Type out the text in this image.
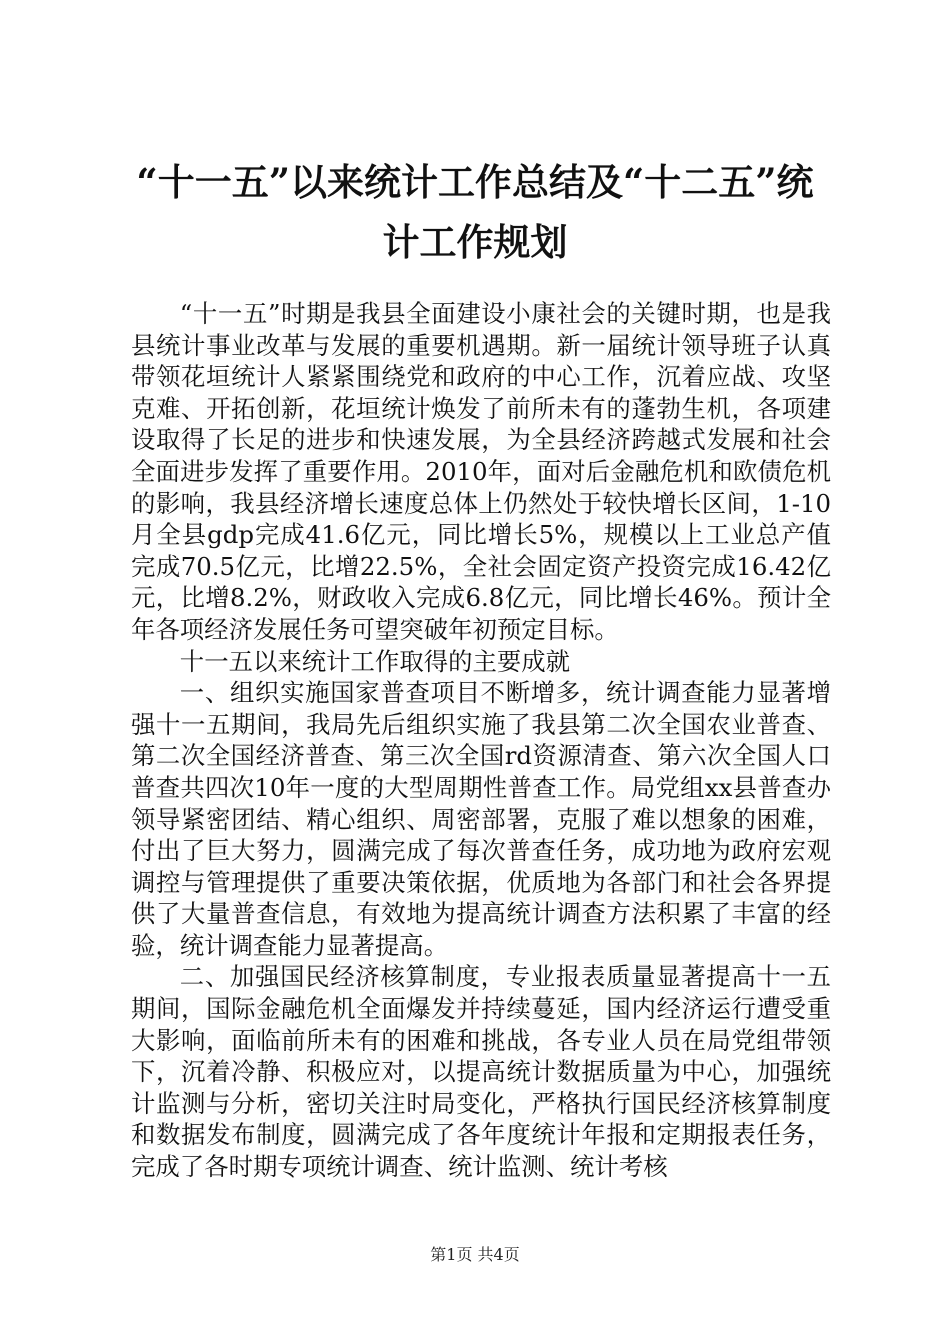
“十一五”以来统计工作总结及“十二五”统
计工作规划

“十一五”时期是我县全面建设小康社会的关键时期，也是我县统计事业改革与发展的重要机遇期。新一届统计领导班子认真带领花垣统计人紧紧围绕党和政府的中心工作，沉着应战、攻坚克难、开拓创新，花垣统计焕发了前所未有的蓬勃生机，各项建设取得了长足的进步和快速发展，为全县经济跨越式发展和社会全面进步发挥了重要作用。2010年，面对后金融危机和欧债危机的影响，我县经济增长速度总体上仍然处于较快增长区间，1-10月全县gdp完成41.6亿元，同比增长5%，规模以上工业总产值完成70.5亿元，比增22.5%，全社会固定资产投资完成16.42亿元，比增8.2%，财政收入完成6.8亿元，同比增长46%。预计全年各项经济发展任务可望突破年初预定目标。

十一五以来统计工作取得的主要成就

一、组织实施国家普查项目不断增多，统计调查能力显著增强十一五期间，我局先后组织实施了我县第二次全国农业普查、第二次全国经济普查、第三次全国rd资源清查、第六次全国人口普查共四次10年一度的大型周期性普查工作。局党组xx县普查办领导紧密团结、精心组织、周密部署，克服了难以想象的困难，付出了巨大努力，圆满完成了每次普查任务，成功地为政府宏观调控与管理提供了重要决策依据，优质地为各部门和社会各界提供了大量普查信息，有效地为提高统计调查方法积累了丰富的经验，统计调查能力显著提高。

二、加强国民经济核算制度，专业报表质量显著提高十一五期间，国际金融危机全面爆发并持续蔓延，国内经济运行遭受重大影响，面临前所未有的困难和挑战，各专业人员在局党组带领下，沉着冷静、积极应对，以提高统计数据质量为中心，加强统计监测与分析，密切关注时局变化，严格执行国民经济核算制度和数据发布制度，圆满完成了各年度统计年报和定期报表任务，完成了各时期专项统计调查、统计监测、统计考核

第1页 共4页
